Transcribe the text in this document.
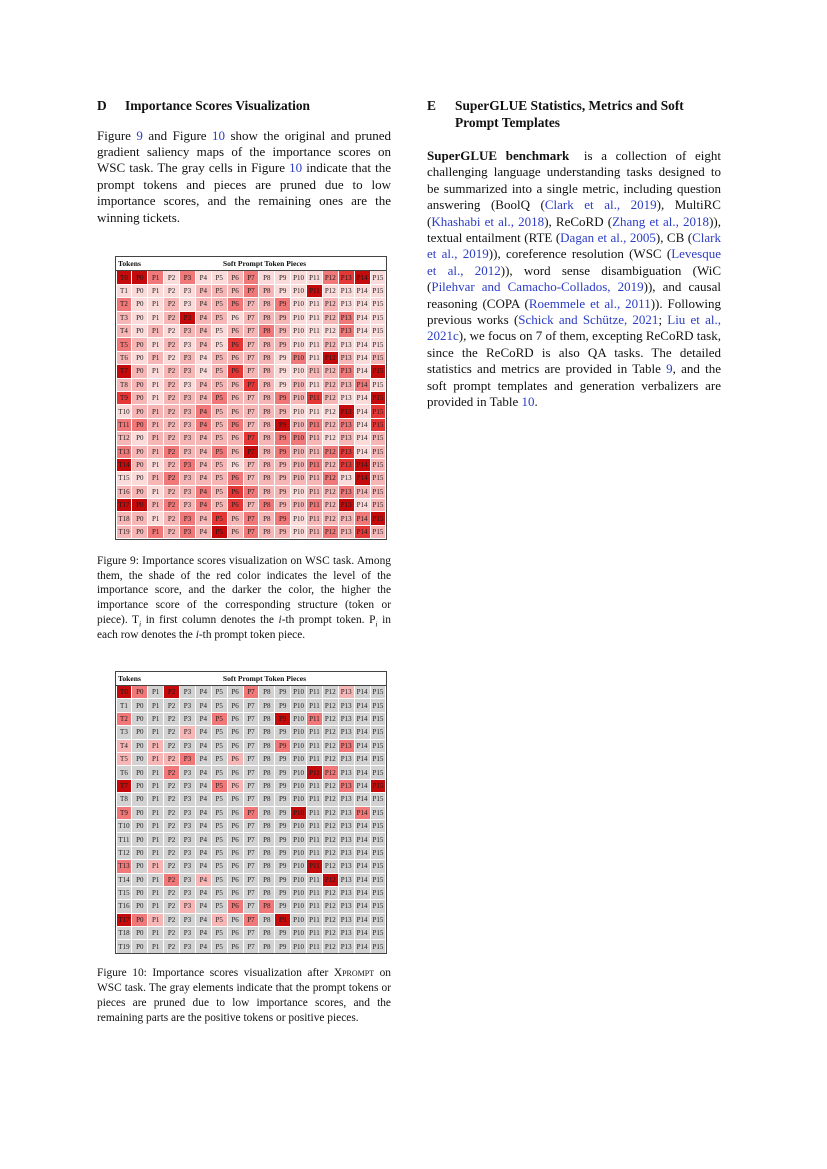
D	Importance Scores Visualization

Figure 9 and Figure 10 show the original and pruned gradient saliency maps of the importance scores on WSC task. The gray cells in Figure 10 indicate that the prompt tokens and pieces are pruned due to low importance scores, and the remaining ones are the winning tickets.

Tokens	Soft Prompt Token Pieces
T0	P0	P1	P2	P3	P4	P5	P6	P7	P8	P9 P10 P11 P12 P13 P14 P15
T1	P0	P1	P2	P3	P4	P5	P6	P7	P8	P9 P10 P11 P12 P13 P14 P15
T2	P0	P1	P2	P3	P4	P5	P6	P7	P8	P9 P10 P11 P12 P13 P14 P15
T3	P0	P1	P2	P3	P4	P5	P6	P7	P8	P9 P10 P11 P12 P13 P14 P15
T4	P0	P1	P2	P3	P4	P5	P6	P7	P8	P9 P10 P11 P12 P13 P14 P15
T5	P0	P1	P2	P3	P4	P5	P6	P7	P8	P9 P10 P11 P12 P13 P14 P15
T6	P0	P1	P2	P3	P4	P5	P6	P7	P8	P9 P10 P11 P12 P13 P14 P15
T7	P0	P1	P2	P3	P4	P5	P6	P7	P8	P9 P10 P11 P12 P13 P14 P15
T8	P0	P1	P2	P3	P4	P5	P6	P7	P8	P9 P10 P11 P12 P13 P14 P15
T9	P0	P1	P2	P3	P4	P5	P6	P7	P8	P9 P10 P11 P12 P13 P14 P15
T10 P0	P1	P2	P3	P4	P5	P6	P7	P8	P9 P10 P11 P12 P13 P14 P15
T11 P0	P1	P2	P3	P4	P5	P6	P7	P8	P9 P10 P11 P12 P13 P14 P15
T12 P0	P1	P2	P3	P4	P5	P6	P7	P8	P9 P10 P11 P12 P13 P14 P15
T13 P0	P1	P2	P3	P4	P5	P6	P7	P8	P9 P10 P11 P12 P13 P14 P15
T14 P0	P1	P2	P3	P4	P5	P6	P7	P8	P9 P10 P11 P12 P13 P14 P15
T15 P0	P1	P2	P3	P4	P5	P6	P7	P8	P9 P10 P11 P12 P13 P14 P15
T16 P0	P1	P2	P3	P4	P5	P6	P7	P8	P9 P10 P11 P12 P13 P14 P15
T17 P0	P1	P2	P3	P4	P5	P6	P7	P8	P9 P10 P11 P12 P13 P14 P15
T18 P0	P1	P2	P3	P4	P5	P6	P7	P8	P9 P10 P11 P12 P13 P14 P15
T19 P0	P1	P2	P3	P4	P5	P6	P7	P8	P9 P10 P11 P12 P13 P14 P15

Figure 9: Importance scores visualization on WSC task. Among them, the shade of the red color indicates the level of the importance score, and the darker the color, the higher the importance score of the corresponding structure (token or piece). $T_i$ in first column denotes the i-th prompt token. $P_i$ in each row denotes the i-th prompt token piece.

Tokens	Soft Prompt Token Pieces
T0	P0	P1	P2	P3	P4	P5	P6	P7	P8	P9 P10 P11 P12 P13 P14 P15
T1	P0	P1	P2	P3	P4	P5	P6	P7	P8	P9 P10 P11 P12 P13 P14 P15
T2	P0	P1	P2	P3	P4	P5	P6	P7	P8	P9 P10 P11 P12 P13 P14 P15
T3	P0	P1	P2	P3	P4	P5	P6	P7	P8	P9 P10 P11 P12 P13 P14 P15
T4	P0	P1	P2	P3	P4	P5	P6	P7	P8	P9 P10 P11 P12 P13 P14 P15
T5	P0	P1	P2	P3	P4	P5	P6	P7	P8	P9 P10 P11 P12 P13 P14 P15
T6	P0	P1	P2	P3	P4	P5	P6	P7	P8	P9 P10 P11 P12 P13 P14 P15
T7	P0	P1	P2	P3	P4	P5	P6	P7	P8	P9 P10 P11 P12 P13 P14 P15
T8	P0	P1	P2	P3	P4	P5	P6	P7	P8	P9 P10 P11 P12 P13 P14 P15
T9	P0	P1	P2	P3	P4	P5	P6	P7	P8	P9 P10 P11 P12 P13 P14 P15
T10 P0	P1	P2	P3	P4	P5	P6	P7	P8	P9 P10 P11 P12 P13 P14 P15
T11 P0	P1	P2	P3	P4	P5	P6	P7	P8	P9 P10 P11 P12 P13 P14 P15
T12 P0	P1	P2	P3	P4	P5	P6	P7	P8	P9 P10 P11 P12 P13 P14 P15
T13 P0	P1	P2	P3	P4	P5	P6	P7	P8	P9 P10 P11 P12 P13 P14 P15
T14 P0	P1	P2	P3	P4	P5	P6	P7	P8	P9 P10 P11 P12 P13 P14 P15
T15 P0	P1	P2	P3	P4	P5	P6	P7	P8	P9 P10 P11 P12 P13 P14 P15
T16 P0	P1	P2	P3	P4	P5	P6	P7	P8	P9 P10 P11 P12 P13 P14 P15
T17 P0	P1	P2	P3	P4	P5	P6	P7	P8	P9 P10 P11 P12 P13 P14 P15
T18 P0	P1	P2	P3	P4	P5	P6	P7	P8	P9 P10 P11 P12 P13 P14 P15
T19 P0	P1	P2	P3	P4	P5	P6	P7	P8	P9 P10 P11 P12 P13 P14 P15

Figure 10: Importance scores visualization after Xprompt on WSC task. The gray elements indicate that the prompt tokens or pieces are pruned due to low importance scores, and the remaining parts are the positive tokens or positive pieces.

E	SuperGLUE Statistics, Metrics and Soft Prompt Templates

SuperGLUE benchmark is a collection of eight challenging language understanding tasks designed to be summarized into a single metric, including question answering (BoolQ (Clark et al., 2019), MultiRC (Khashabi et al., 2018), ReCoRD (Zhang et al., 2018)), textual entailment (RTE (Dagan et al., 2005), CB (Clark et al., 2019)), coreference resolution (WSC (Levesque et al., 2012)), word sense disambiguation (WiC (Pilehvar and Camacho-Collados, 2019)), and causal reasoning (COPA (Roemmele et al., 2011)). Following previous works (Schick and Schütze, 2021; Liu et al., 2021c), we focus on 7 of them, excepting ReCoRD task, since the ReCoRD is also QA tasks. The detailed statistics and metrics are provided in Table 9, and the soft prompt templates and generation verbalizers are provided in Table 10.
